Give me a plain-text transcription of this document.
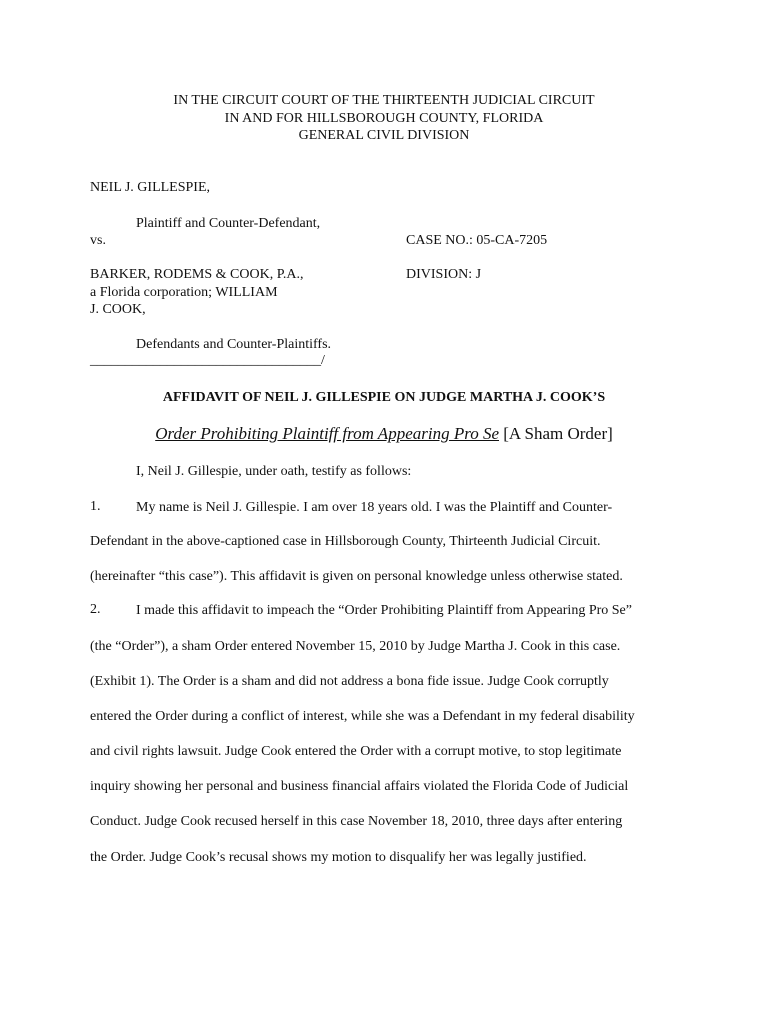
IN THE CIRCUIT COURT OF THE THIRTEENTH JUDICIAL CIRCUIT
IN AND FOR HILLSBOROUGH COUNTY, FLORIDA
GENERAL CIVIL DIVISION
NEIL J. GILLESPIE,
Plaintiff and Counter-Defendant,
vs.	CASE NO.: 05-CA-7205
BARKER, RODEMS & COOK, P.A.,	DIVISION: J
a Florida corporation; WILLIAM
J. COOK,
Defendants and Counter-Plaintiffs.
_________________________________/
AFFIDAVIT OF NEIL J. GILLESPIE ON JUDGE MARTHA J. COOK’S
Order Prohibiting Plaintiff from Appearing Pro Se [A Sham Order]
I, Neil J. Gillespie, under oath, testify as follows:
1.	My name is Neil J. Gillespie. I am over 18 years old. I was the Plaintiff and Counter-
Defendant in the above-captioned case in Hillsborough County, Thirteenth Judicial Circuit.
(hereinafter “this case”). This affidavit is given on personal knowledge unless otherwise stated.
2.	I made this affidavit to impeach the “Order Prohibiting Plaintiff from Appearing Pro Se”
(the “Order”), a sham Order entered November 15, 2010 by Judge Martha J. Cook in this case.
(Exhibit 1). The Order is a sham and did not address a bona fide issue. Judge Cook corruptly
entered the Order during a conflict of interest, while she was a Defendant in my federal disability
and civil rights lawsuit. Judge Cook entered the Order with a corrupt motive, to stop legitimate
inquiry showing her personal and business financial affairs violated the Florida Code of Judicial
Conduct. Judge Cook recused herself in this case November 18, 2010, three days after entering
the Order. Judge Cook’s recusal shows my motion to disqualify her was legally justified.
